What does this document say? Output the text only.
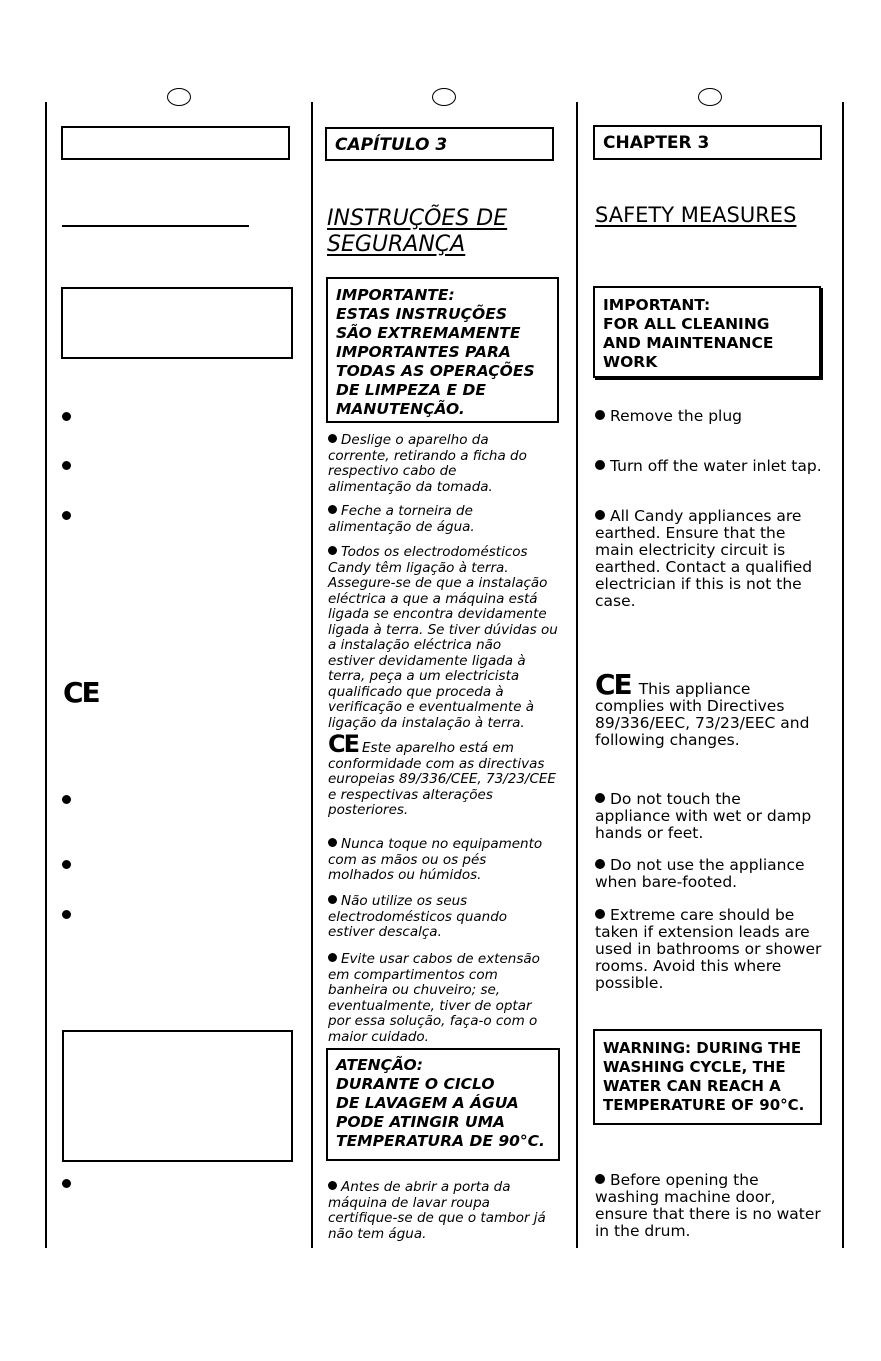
CE
CAPÍTULO 3
INSTRUÇÕES DE
SEGURANÇA
IMPORTANTE:
ESTAS INSTRUÇÕES
SÃO EXTREMAMENTE
IMPORTANTES PARA
TODAS AS OPERAÇÕES
DE LIMPEZA E DE
MANUTENÇÃO.
Deslige o aparelho da
corrente, retirando a ficha do
respectivo cabo de
alimentação da tomada.
Feche a torneira de
alimentação de água.
Todos os electrodomésticos
Candy têm ligação à terra.
Assegure-se de que a instalação
eléctrica a que a máquina está
ligada se encontra devidamente
ligada à terra. Se tiver dúvidas ou
a instalação eléctrica não
estiver devidamente ligada à
terra, peça a um electricista
qualificado que proceda à
verificação e eventualmente à
ligação da instalação à terra.
CE Este aparelho está em
conformidade com as directivas
europeias 89/336/CEE, 73/23/CEE
e respectivas alterações
posteriores.
Nunca toque no equipamento
com as mãos ou os pés
molhados ou húmidos.
Não utilize os seus
electrodomésticos quando
estiver descalça.
Evite usar cabos de extensão
em compartimentos com
banheira ou chuveiro; se,
eventualmente, tiver de optar
por essa solução, faça-o com o
maior cuidado.
ATENÇÃO:
DURANTE O CICLO
DE LAVAGEM A ÁGUA
PODE ATINGIR UMA
TEMPERATURA DE 90°C.
Antes de abrir a porta da
máquina de lavar roupa
certifique-se de que o tambor já
não tem água.
CHAPTER 3
SAFETY MEASURES
IMPORTANT:
FOR ALL CLEANING
AND MAINTENANCE
WORK
Remove the plug
Turn off the water inlet tap.
All Candy appliances are
earthed. Ensure that the
main electricity circuit is
earthed. Contact a qualified
electrician if this is not the
case.
CE This appliance
complies with Directives
89/336/EEC, 73/23/EEC and
following changes.
Do not touch the
appliance with wet or damp
hands or feet.
Do not use the appliance
when bare-footed.
Extreme care should be
taken if extension leads are
used in bathrooms or shower
rooms. Avoid this where
possible.
WARNING: DURING THE
WASHING CYCLE, THE
WATER CAN REACH A
TEMPERATURE OF 90°C.
Before opening the
washing machine door,
ensure that there is no water
in the drum.
